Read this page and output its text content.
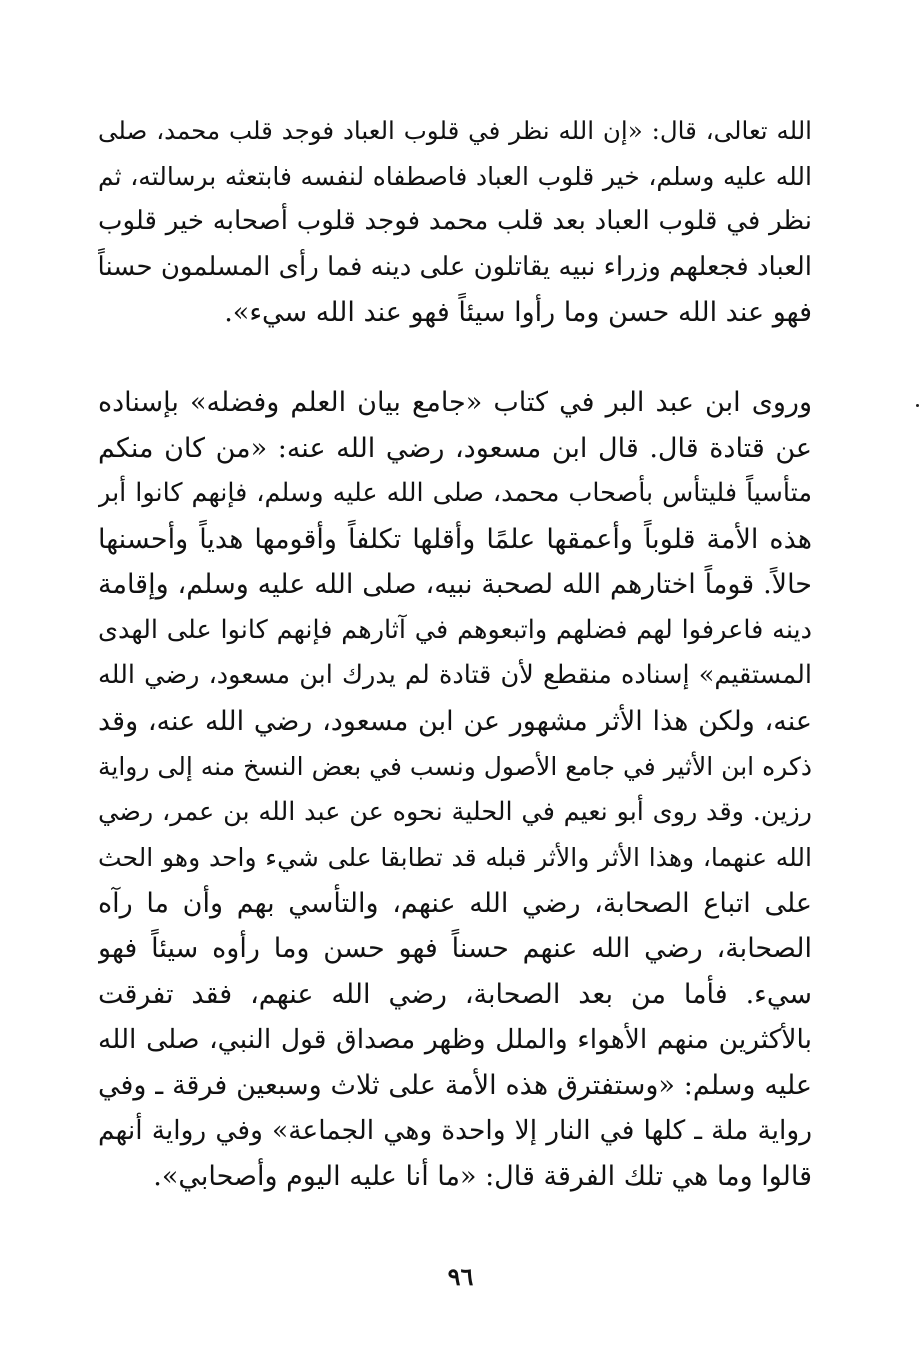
الله تعالى، قال: «إن الله نظر في قلوب العباد فوجد قلب محمد، صلى
الله عليه وسلم، خير قلوب العباد فاصطفاه لنفسه فابتعثه برسالته، ثم
نظر في قلوب العباد بعد قلب محمد فوجد قلوب أصحابه خير قلوب
العباد فجعلهم وزراء نبيه يقاتلون على دينه فما رأى المسلمون حسناً
فهو عند الله حسن وما رأوا سيئاً فهو عند الله سيء».
وروى ابن عبد البر في كتاب «جامع بيان العلم وفضله» بإسناده
عن قتادة قال. قال ابن مسعود، رضي الله عنه: «من كان منكم
متأسياً فليتأس بأصحاب محمد، صلى الله عليه وسلم، فإنهم كانوا أبر
هذه الأمة قلوباً وأعمقها علمًا وأقلها تكلفاً وأقومها هدياً وأحسنها
حالاً. قوماً اختارهم الله لصحبة نبيه، صلى الله عليه وسلم، وإقامة
دينه فاعرفوا لهم فضلهم واتبعوهم في آثارهم فإنهم كانوا على الهدى
المستقيم» إسناده منقطع لأن قتادة لم يدرك ابن مسعود، رضي الله
عنه، ولكن هذا الأثر مشهور عن ابن مسعود، رضي الله عنه، وقد
ذكره ابن الأثير في جامع الأصول ونسب في بعض النسخ منه إلى رواية
رزين. وقد روى أبو نعيم في الحلية نحوه عن عبد الله بن عمر، رضي
الله عنهما، وهذا الأثر والأثر قبله قد تطابقا على شيء واحد وهو الحث
على اتباع الصحابة، رضي الله عنهم، والتأسي بهم وأن ما رآه
الصحابة، رضي الله عنهم حسناً فهو حسن وما رأوه سيئاً فهو
سيء. فأما من بعد الصحابة، رضي الله عنهم، فقد تفرقت
بالأكثرين منهم الأهواء والملل وظهر مصداق قول النبي، صلى الله
عليه وسلم: «وستفترق هذه الأمة على ثلاث وسبعين فرقة ـ وفي
رواية ملة ـ كلها في النار إلا واحدة وهي الجماعة» وفي رواية أنهم
قالوا وما هي تلك الفرقة قال: «ما أنا عليه اليوم وأصحابي».
٩٦
